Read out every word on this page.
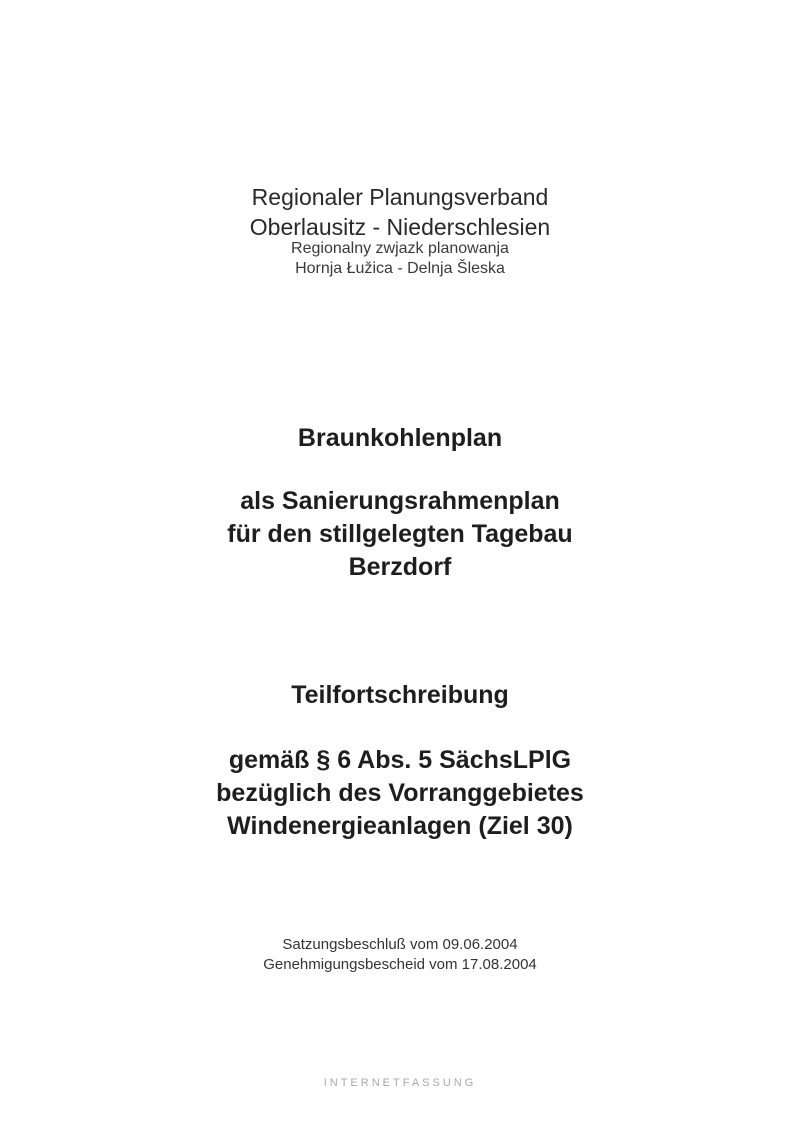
Regionaler Planungsverband
Oberlausitz - Niederschlesien
Regionalny zwjazk planowanja
Hornja Łužica - Delnja Šleska
Braunkohlenplan
als Sanierungsrahmenplan
für den stillgelegten Tagebau
Berzdorf
Teilfortschreibung
gemäß § 6 Abs. 5 SächsLPlG
bezüglich des Vorranggebietes
Windenergieanlagen (Ziel 30)
Satzungsbeschluß vom 09.06.2004
Genehmigungsbescheid vom 17.08.2004
INTERNETFASSUNG
